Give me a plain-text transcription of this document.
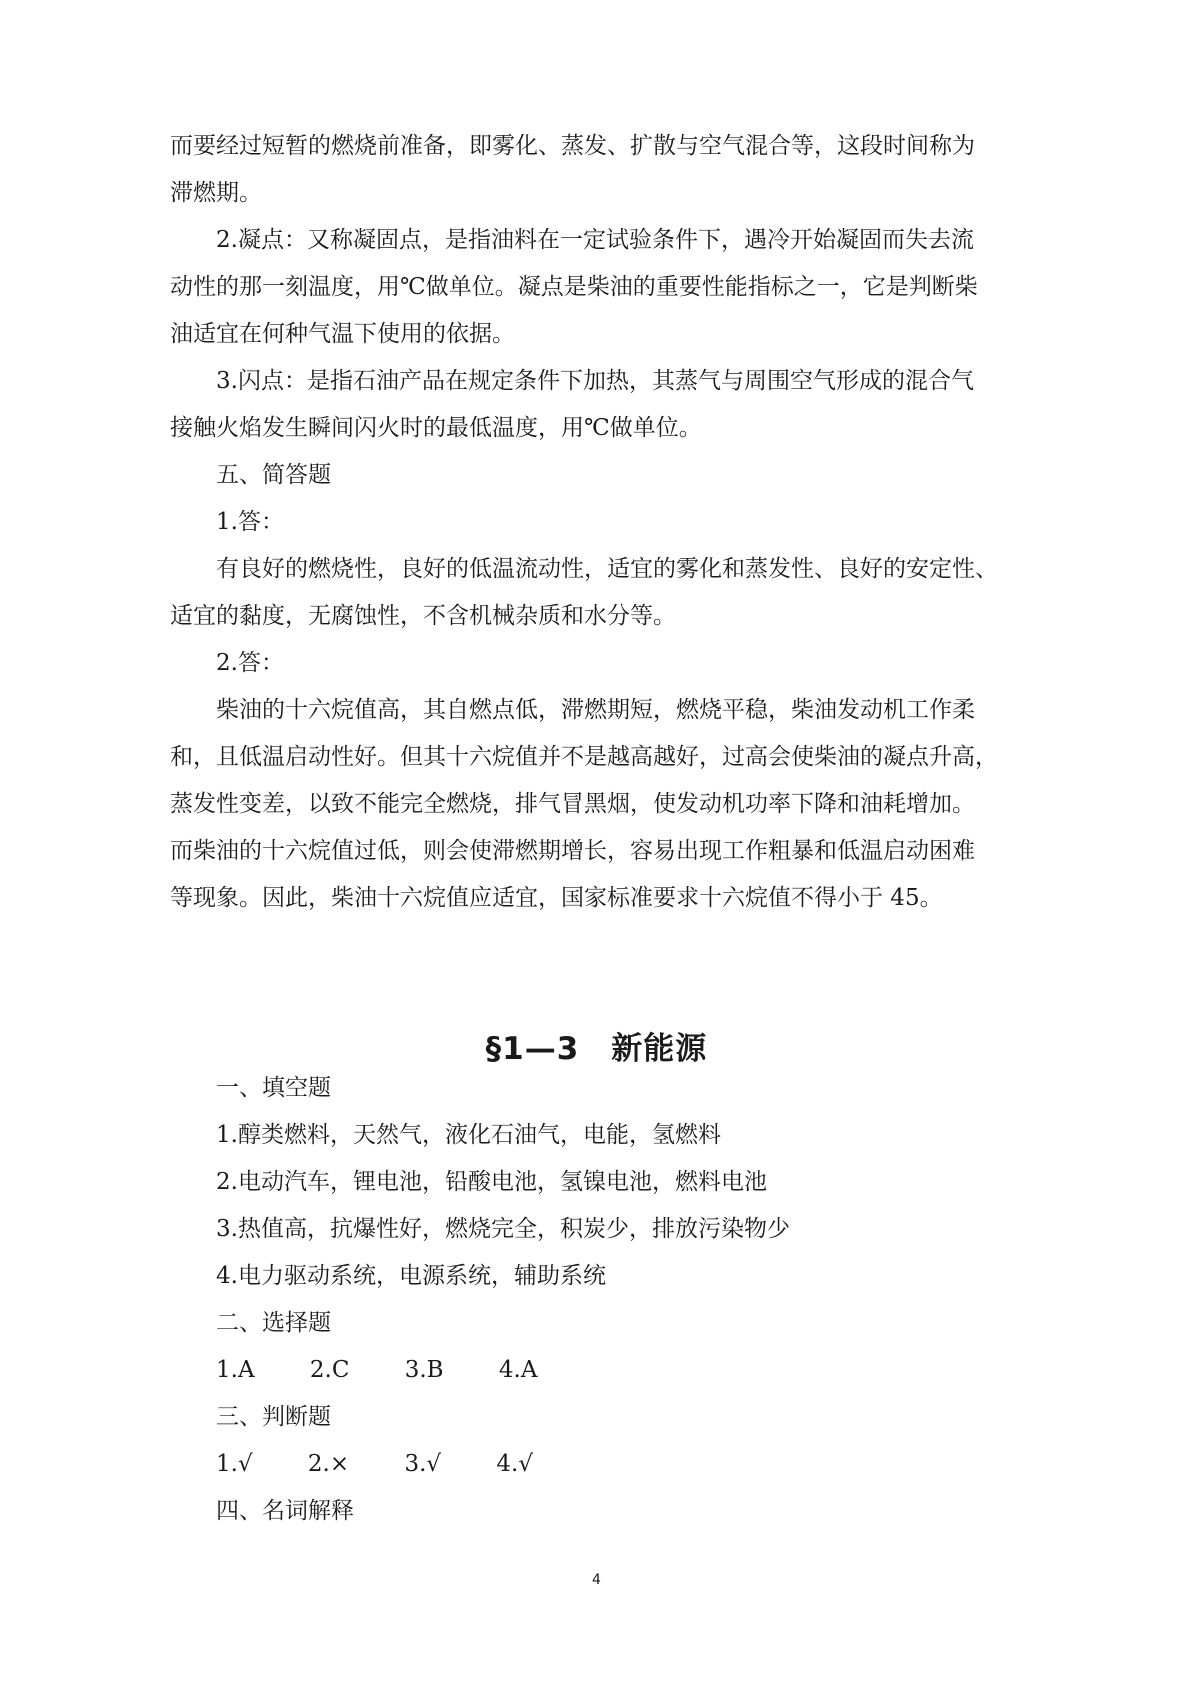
而要经过短暂的燃烧前准备，即雾化、蒸发、扩散与空气混合等，这段时间称为
滞燃期。
2.凝点：又称凝固点，是指油料在一定试验条件下，遇冷开始凝固而失去流
动性的那一刻温度，用℃做单位。凝点是柴油的重要性能指标之一，它是判断柴
油适宜在何种气温下使用的依据。
3.闪点：是指石油产品在规定条件下加热，其蒸气与周围空气形成的混合气
接触火焰发生瞬间闪火时的最低温度，用℃做单位。
五、简答题
1.答：
有良好的燃烧性，良好的低温流动性，适宜的雾化和蒸发性、良好的安定性、
适宜的黏度，无腐蚀性，不含机械杂质和水分等。
2.答：
柴油的十六烷值高，其自燃点低，滞燃期短，燃烧平稳，柴油发动机工作柔
和，且低温启动性好。但其十六烷值并不是越高越好，过高会使柴油的凝点升高，
蒸发性变差，以致不能完全燃烧，排气冒黑烟，使发动机功率下降和油耗增加。
而柴油的十六烷值过低，则会使滞燃期增长，容易出现工作粗暴和低温启动困难
等现象。因此，柴油十六烷值应适宜，国家标准要求十六烷值不得小于 45。
§1—3　新能源
一、填空题
1.醇类燃料，天然气，液化石油气，电能，氢燃料
2.电动汽车，锂电池，铅酸电池，氢镍电池，燃料电池
3.热值高，抗爆性好，燃烧完全，积炭少，排放污染物少
4.电力驱动系统，电源系统，辅助系统
二、选择题
1.A 2.C 3.B 4.A
三、判断题
1.√ 2.× 3.√ 4.√
四、名词解释
4
